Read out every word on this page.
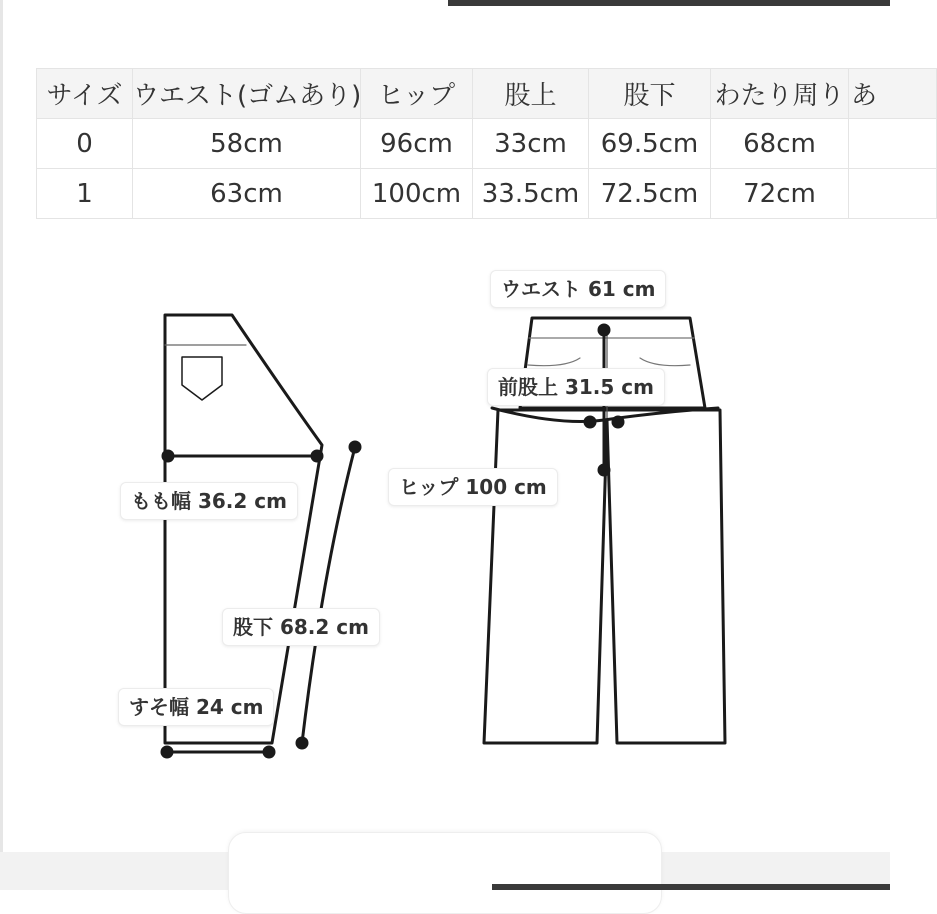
サイズ	ウエスト(ゴムあり)	ヒップ	股上	股下	わたり周り	あ
0	58cm	96cm	33cm	69.5cm	68cm	
1	63cm	100cm	33.5cm	72.5cm	72cm	
もも幅 36.2 cm
股下 68.2 cm
すそ幅 24 cm
ウエスト 61 cm
前股上 31.5 cm
ヒップ 100 cm
